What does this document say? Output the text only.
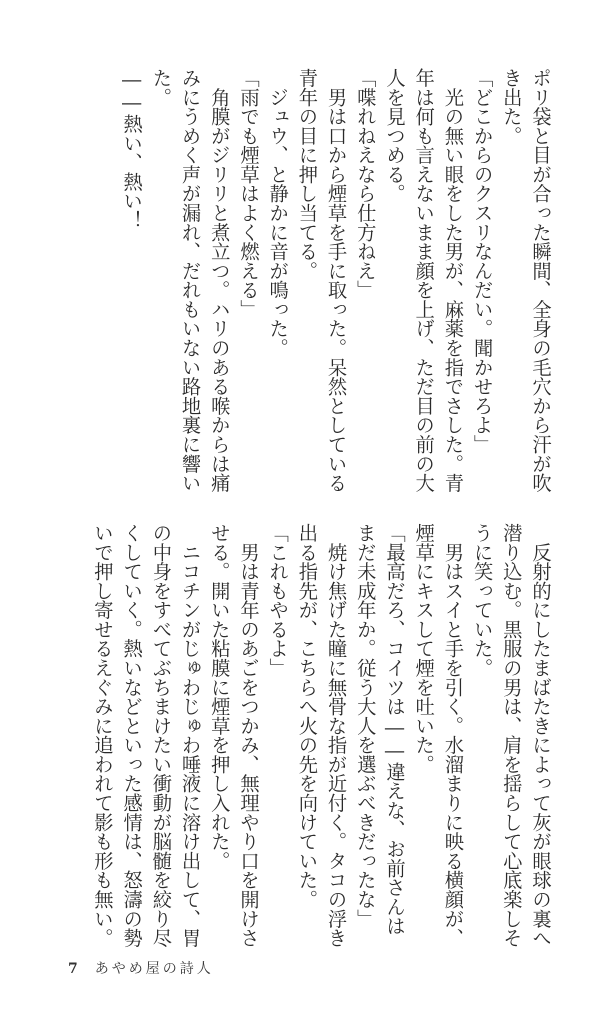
ポリ袋と目が合った瞬間、全身の毛穴から汗が吹き出た。

「どこからのクスリなんだい。聞かせろよ」

　光の無い眼をした男が、麻薬を指でさした。青年は何も言えないまま顔を上げ、ただ目の前の大人を見つめる。

「喋れねえなら仕方ねえ」

　男は口から煙草を手に取った。呆然としている青年の目に押し当てる。

　ジュウ、と静かに音が鳴った。

「雨でも煙草はよく燃える」

　角膜がジリリと煮立つ。ハリのある喉からは痛みにうめく声が漏れ、だれもいない路地裏に響いた。

――熱い、熱い！

　反射的にしたまばたきによって灰が眼球の裏へ潜り込む。黒服の男は、肩を揺らして心底楽しそうに笑っていた。

　男はスイと手を引く。水溜まりに映る横顔が、煙草にキスして煙を吐いた。

「最高だろ、コイツは――違えな、お前さんはまだ未成年か。従う大人を選ぶべきだったな」

　焼け焦げた瞳に無骨な指が近付く。タコの浮き出る指先が、こちらへ火の先を向けていた。

「これもやるよ」

　男は青年のあごをつかみ、無理やり口を開けさせる。開いた粘膜に煙草を押し入れた。

　ニコチンがじゅわじゅわ唾液に溶け出して、胃の中身をすべてぶちまけたい衝動が脳髄を絞り尽くしていく。熱いなどといった感情は、怒濤の勢いで押し寄せるえぐみに追われて影も形も無い。

7 あやめ屋の詩人
